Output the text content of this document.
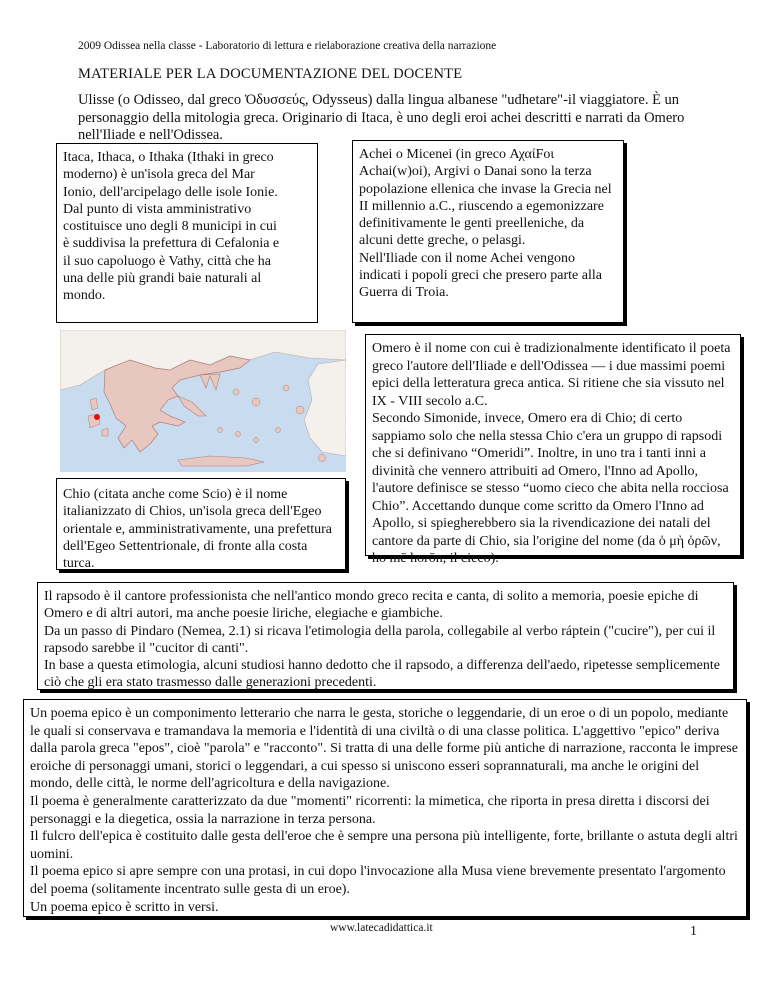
2009 Odissea nella classe - Laboratorio di lettura e rielaborazione creativa della narrazione
MATERIALE PER LA DOCUMENTAZIONE DEL DOCENTE
Ulisse (o Odisseo, dal greco Ὀδυσσεύς, Odysseus) dalla lingua albanese "udhetare"-il viaggiatore. È un personaggio della mitologia greca. Originario di Itaca, è uno degli eroi achei descritti e narrati da Omero nell'Iliade e nell'Odissea.
Itaca, Ithaca, o Ithaka (Ithaki in greco moderno) è un'isola greca del Mar Ionio, dell'arcipelago delle isole Ionie. Dal punto di vista amministrativo costituisce uno degli 8 municipi in cui è suddivisa la prefettura di Cefalonia e il suo capoluogo è Vathy, città che ha una delle più grandi baie naturali al mondo.

Achei o Micenei (in greco ΑχαίFοι Achai(w)oi), Argivi o Danai sono la terza popolazione ellenica che invase la Grecia nel II millennio a.C., riuscendo a egemonizzare definitivamente le genti preelleniche, da alcuni dette greche, o pelasgi.

Nell'Iliade con il nome Achei vengono indicati i popoli greci che presero parte alla Guerra di Troia.

Omero è il nome con cui è tradizionalmente identificato il poeta greco l'autore dell'Iliade e dell'Odissea — i due massimi poemi epici della letteratura greca antica. Si ritiene che sia vissuto nel IX - VIII secolo a.C.

Secondo Simonide, invece, Omero era di Chio; di certo sappiamo solo che nella stessa Chio c'era un gruppo di rapsodi che si definivano “Omeridi”. Inoltre, in uno tra i tanti inni a divinità che vennero attribuiti ad Omero, l'Inno ad Apollo, l'autore definisce se stesso “uomo cieco che abita nella rocciosa Chio”. Accettando dunque come scritto da Omero l'Inno ad Apollo, si spiegherebbero sia la rivendicazione dei natali del cantore da parte di Chio, sia l'origine del nome (da ὁ μὴ ὁρῶν, ho mē horōn, il cieco).

Chio (citata anche come Scio) è il nome italianizzato di Chios, un'isola greca dell'Egeo orientale e, amministrativamente, una prefettura dell'Egeo Settentrionale, di fronte alla costa turca.

Il rapsodo è il cantore professionista che nell'antico mondo greco recita e canta, di solito a memoria, poesie epiche di Omero e di altri autori, ma anche poesie liriche, elegiache e giambiche.

Da un passo di Pindaro (Nemea, 2.1) si ricava l'etimologia della parola, collegabile al verbo ráptein ("cucire"), per cui il rapsodo sarebbe il "cucitor di canti".

In base a questa etimologia, alcuni studiosi hanno dedotto che il rapsodo, a differenza dell'aedo, ripetesse semplicemente ciò che gli era stato trasmesso dalle generazioni precedenti.

Un poema epico è un componimento letterario che narra le gesta, storiche o leggendarie, di un eroe o di un popolo, mediante le quali si conservava e tramandava la memoria e l'identità di una civiltà o di una classe politica. L'aggettivo "epico" deriva dalla parola greca "epos", cioè "parola" e "racconto". Si tratta di una delle forme più antiche di narrazione, racconta le imprese eroiche di personaggi umani, storici o leggendari, a cui spesso si uniscono esseri soprannaturali, ma anche le origini del mondo, delle città, le norme dell'agricoltura e della navigazione.

Il poema è generalmente caratterizzato da due "momenti" ricorrenti: la mimetica, che riporta in presa diretta i discorsi dei personaggi e la diegetica, ossia la narrazione in terza persona.

Il fulcro dell'epica è costituito dalle gesta dell'eroe che è sempre una persona più intelligente, forte, brillante o astuta degli altri uomini.

Il poema epico si apre sempre con una protasi, in cui dopo l'invocazione alla Musa viene brevemente presentato l'argomento del poema (solitamente incentrato sulle gesta di un eroe).

Un poema epico è scritto in versi.

www.latecadidattica.it	1
